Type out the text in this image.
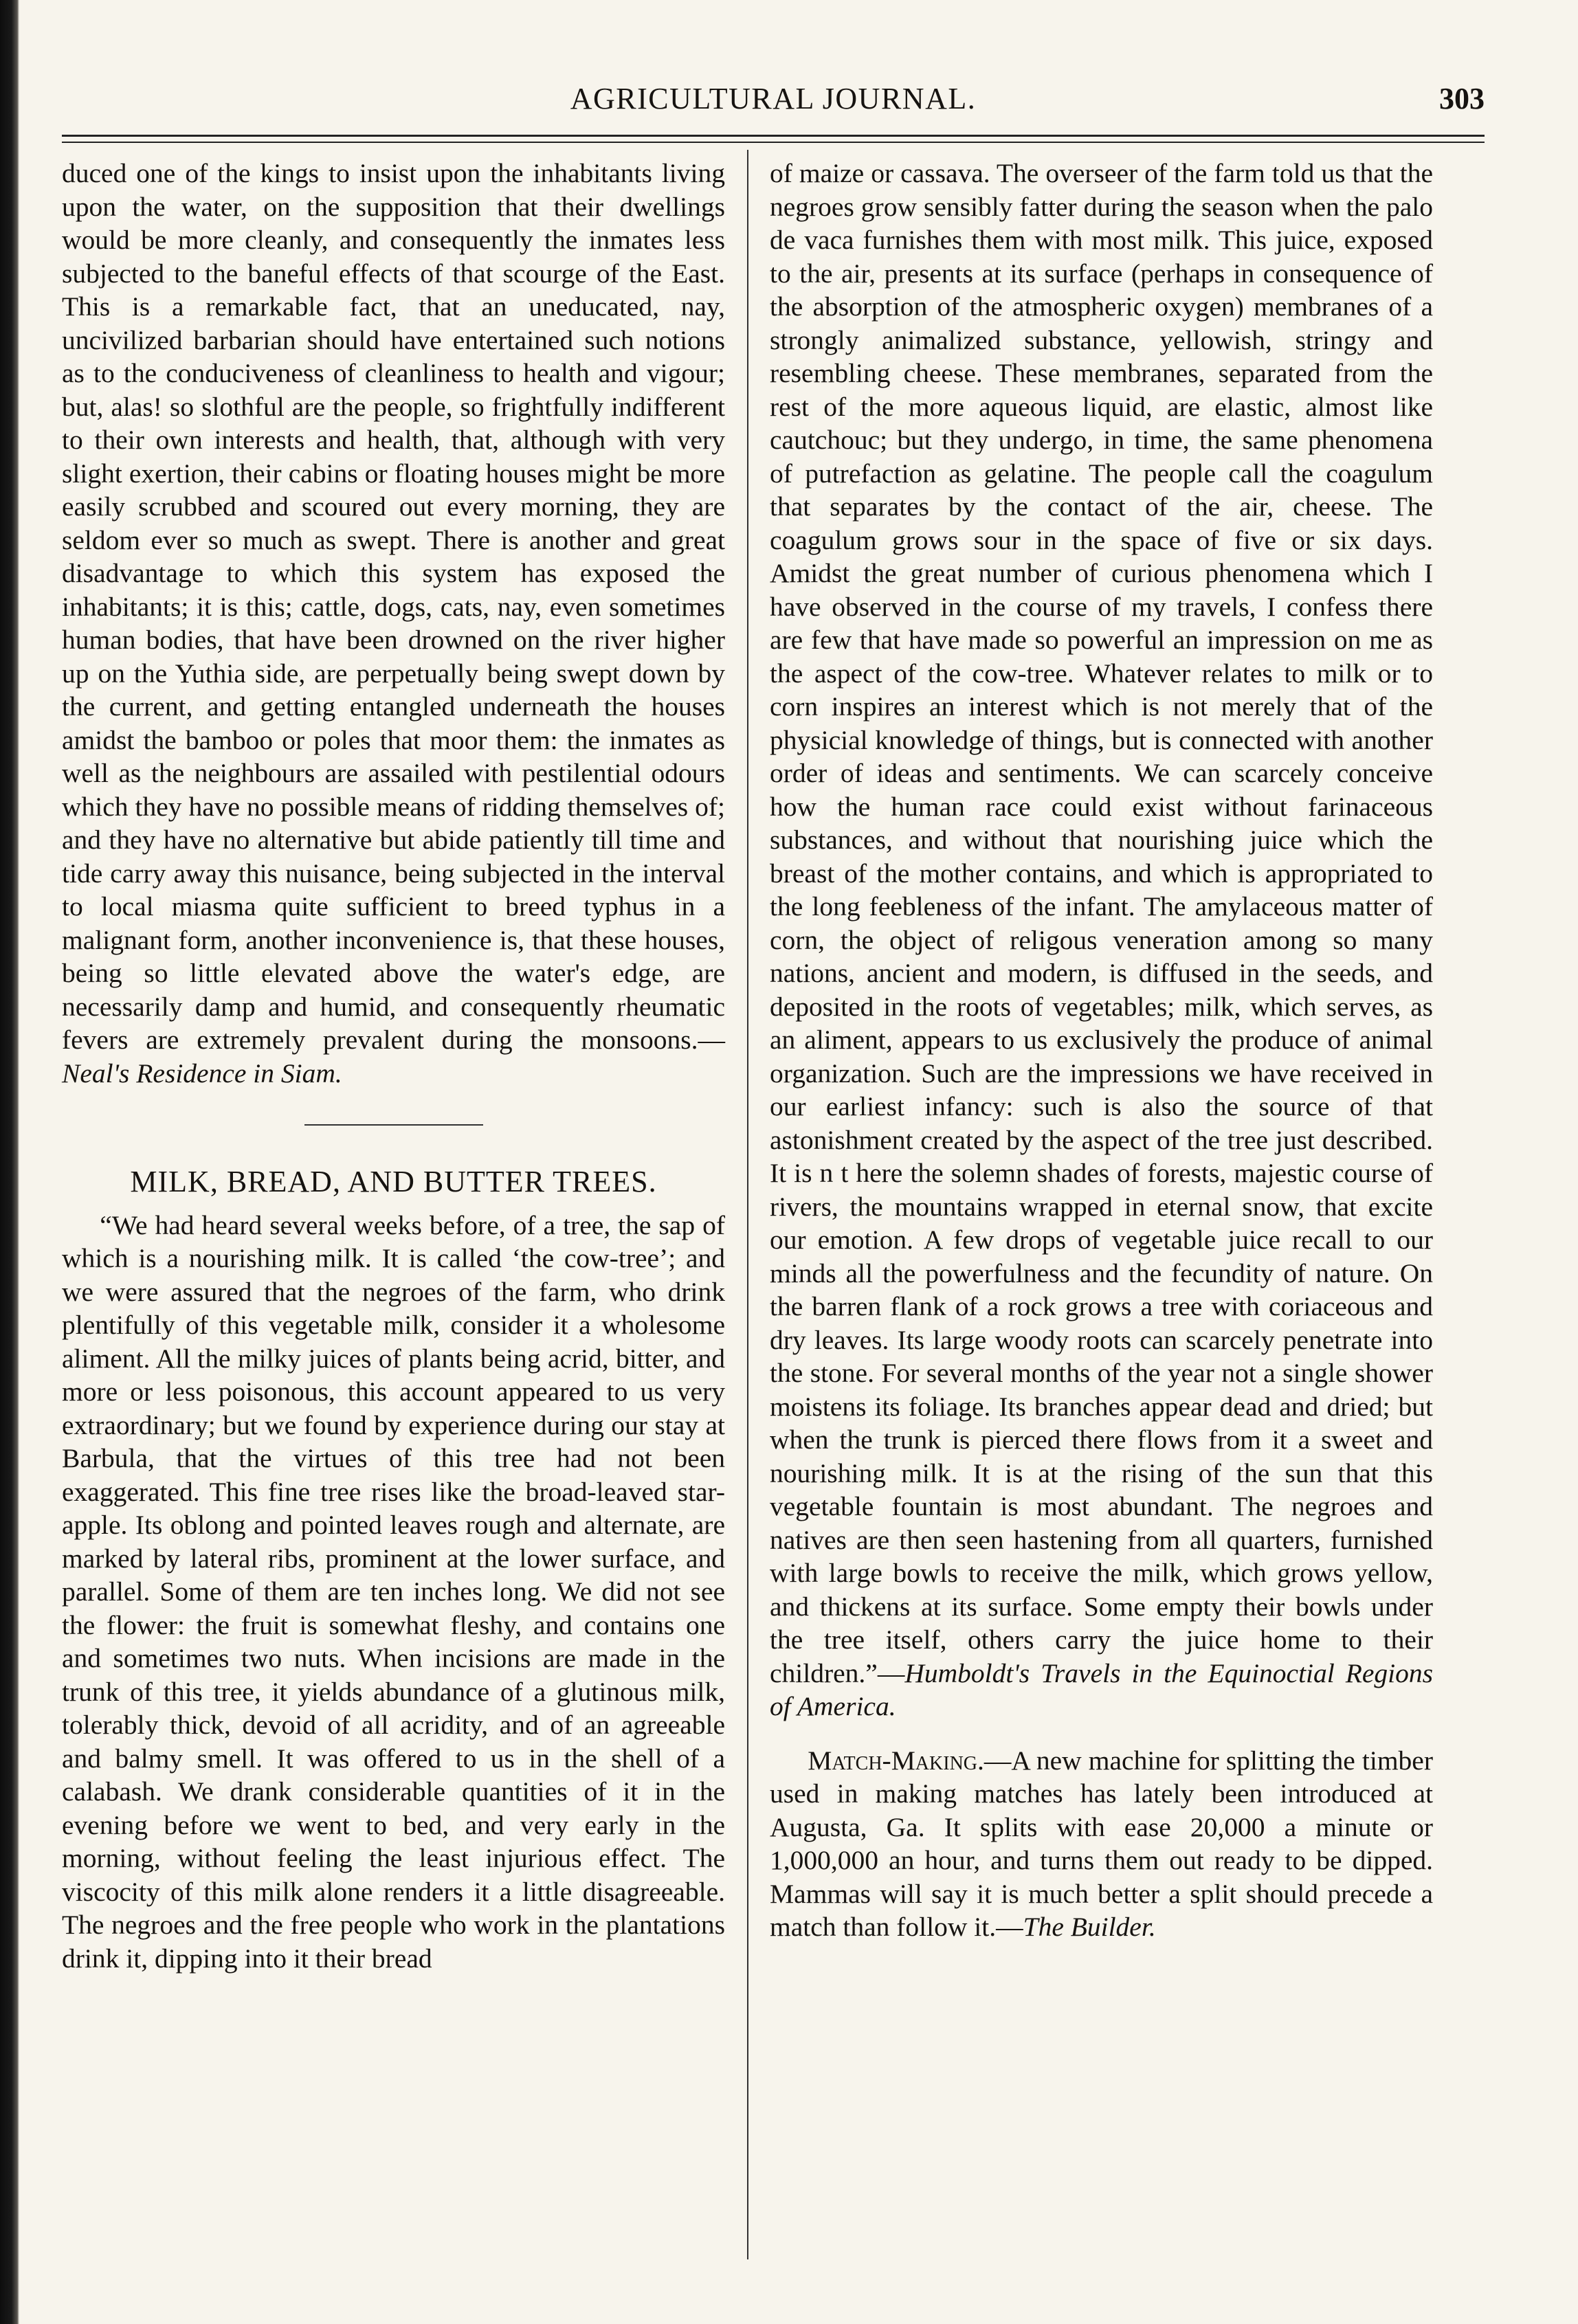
AGRICULTURAL JOURNAL.	303

duced one of the kings to insist upon the inhabitants living upon the water, on the supposition that their dwellings would be more cleanly, and consequently the inmates less subjected to the baneful effects of that scourge of the East. This is a remarkable fact, that an uneducated, nay, uncivilized barbarian should have entertained such notions as to the conduciveness of cleanliness to health and vigour; but, alas! so slothful are the people, so frightfully indifferent to their own interests and health, that, although with very slight exertion, their cabins or floating houses might be more easily scrubbed and scoured out every morning, they are seldom ever so much as swept. There is another and great disadvantage to which this system has exposed the inhabitants; it is this; cattle, dogs, cats, nay, even sometimes human bodies, that have been drowned on the river higher up on the Yuthia side, are perpetually being swept down by the current, and getting entangled underneath the houses amidst the bamboo or poles that moor them: the inmates as well as the neighbours are assailed with pestilential odours which they have no possible means of ridding themselves of; and they have no alternative but abide patiently till time and tide carry away this nuisance, being subjected in the interval to local miasma quite sufficient to breed typhus in a malignant form, another inconvenience is, that these houses, being so little elevated above the water's edge, are necessarily damp and humid, and consequently rheumatic fevers are extremely prevalent during the monsoons.—Neal's Residence in Siam.

MILK, BREAD, AND BUTTER TREES.

“We had heard several weeks before, of a tree, the sap of which is a nourishing milk. It is called ‘the cow-tree’; and we were assured that the negroes of the farm, who drink plentifully of this vegetable milk, consider it a wholesome aliment. All the milky juices of plants being acrid, bitter, and more or less poisonous, this account appeared to us very extraordinary; but we found by experience during our stay at Barbula, that the virtues of this tree had not been exaggerated. This fine tree rises like the broad-leaved star-apple. Its oblong and pointed leaves rough and alternate, are marked by lateral ribs, prominent at the lower surface, and parallel. Some of them are ten inches long. We did not see the flower: the fruit is somewhat fleshy, and contains one and sometimes two nuts. When incisions are made in the trunk of this tree, it yields abundance of a glutinous milk, tolerably thick, devoid of all acridity, and of an agreeable and balmy smell. It was offered to us in the shell of a calabash. We drank considerable quantities of it in the evening before we went to bed, and very early in the morning, without feeling the least injurious effect. The viscocity of this milk alone renders it a little disagreeable. The negroes and the free people who work in the plantations drink it, dipping into it their bread

of maize or cassava. The overseer of the farm told us that the negroes grow sensibly fatter during the season when the palo de vaca furnishes them with most milk. This juice, exposed to the air, presents at its surface (perhaps in consequence of the absorption of the atmospheric oxygen) membranes of a strongly animalized substance, yellowish, stringy and resembling cheese. These membranes, separated from the rest of the more aqueous liquid, are elastic, almost like cautchouc; but they undergo, in time, the same phenomena of putrefaction as gelatine. The people call the coagulum that separates by the contact of the air, cheese. The coagulum grows sour in the space of five or six days. Amidst the great number of curious phenomena which I have observed in the course of my travels, I confess there are few that have made so powerful an impression on me as the aspect of the cow-tree. Whatever relates to milk or to corn inspires an interest which is not merely that of the physicial knowledge of things, but is connected with another order of ideas and sentiments. We can scarcely conceive how the human race could exist without farinaceous substances, and without that nourishing juice which the breast of the mother contains, and which is appropriated to the long feebleness of the infant. The amylaceous matter of corn, the object of religous veneration among so many nations, ancient and modern, is diffused in the seeds, and deposited in the roots of vegetables; milk, which serves, as an aliment, appears to us exclusively the produce of animal organization. Such are the impressions we have received in our earliest infancy: such is also the source of that astonishment created by the aspect of the tree just described. It is n t here the solemn shades of forests, majestic course of rivers, the mountains wrapped in eternal snow, that excite our emotion. A few drops of vegetable juice recall to our minds all the powerfulness and the fecundity of nature. On the barren flank of a rock grows a tree with coriaceous and dry leaves. Its large woody roots can scarcely penetrate into the stone. For several months of the year not a single shower moistens its foliage. Its branches appear dead and dried; but when the trunk is pierced there flows from it a sweet and nourishing milk. It is at the rising of the sun that this vegetable fountain is most abundant. The negroes and natives are then seen hastening from all quarters, furnished with large bowls to receive the milk, which grows yellow, and thickens at its surface. Some empty their bowls under the tree itself, others carry the juice home to their children.”—Humboldt's Travels in the Equinoctial Regions of America.

Match-Making.—A new machine for splitting the timber used in making matches has lately been introduced at Augusta, Ga. It splits with ease 20,000 a minute or 1,000,000 an hour, and turns them out ready to be dipped. Mammas will say it is much better a split should precede a match than follow it.—The Builder.
